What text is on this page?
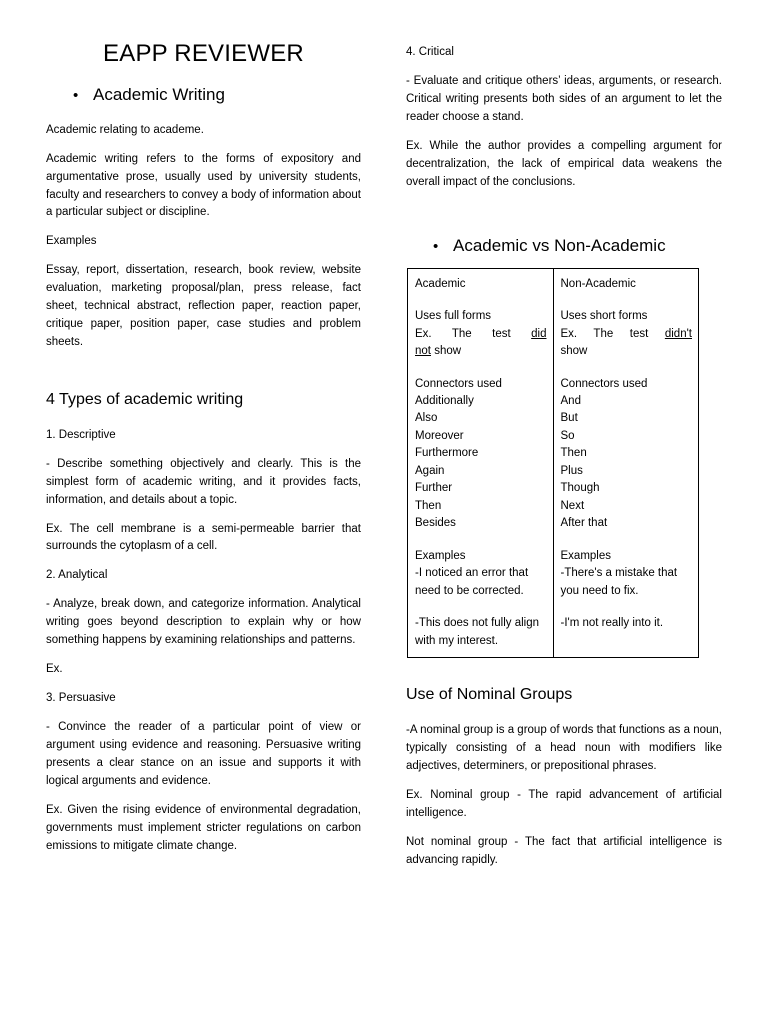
EAPP REVIEWER
• Academic Writing

Academic relating to academe.

Academic writing refers to the forms of expository and argumentative prose, usually used by university students, faculty and researchers to convey a body of information about a particular subject or discipline.

Examples

Essay, report, dissertation, research, book review, website evaluation, marketing proposal/plan, press release, fact sheet, technical abstract, reflection paper, reaction paper, critique paper, position paper, case studies and problem sheets.

4 Types of academic writing

1. Descriptive

- Describe something objectively and clearly. This is the simplest form of academic writing, and it provides facts, information, and details about a topic.

Ex. The cell membrane is a semi-permeable barrier that surrounds the cytoplasm of a cell.

2. Analytical

- Analyze, break down, and categorize information. Analytical writing goes beyond description to explain why or how something happens by examining relationships and patterns.

Ex.

3. Persuasive

- Convince the reader of a particular point of view or argument using evidence and reasoning. Persuasive writing presents a clear stance on an issue and supports it with logical arguments and evidence.

Ex. Given the rising evidence of environmental degradation, governments must implement stricter regulations on carbon emissions to mitigate climate change.

4. Critical

- Evaluate and critique others’ ideas, arguments, or research. Critical writing presents both sides of an argument to let the reader choose a stand.

Ex. While the author provides a compelling argument for decentralization, the lack of empirical data weakens the overall impact of the conclusions.

• Academic vs Non-Academic
Academic
Uses full forms
Ex. The test did
not show
Connectors used
Additionally
Also
Moreover
Furthermore
Again
Further
Then
Besides
Examples
-I noticed an error that need to be corrected.
-This does not fully align with my interest.

Non-Academic
Uses short forms
Ex. The test didn't
show
Connectors used
And
But
So
Then
Plus
Though
Next
After that
Examples
-There's a mistake that you need to fix.
-I'm not really into it.
Use of Nominal Groups

-A nominal group is a group of words that functions as a noun, typically consisting of a head noun with modifiers like adjectives, determiners, or prepositional phrases.

Ex. Nominal group - The rapid advancement of artificial intelligence.

Not nominal group - The fact that artificial intelligence is advancing rapidly.
